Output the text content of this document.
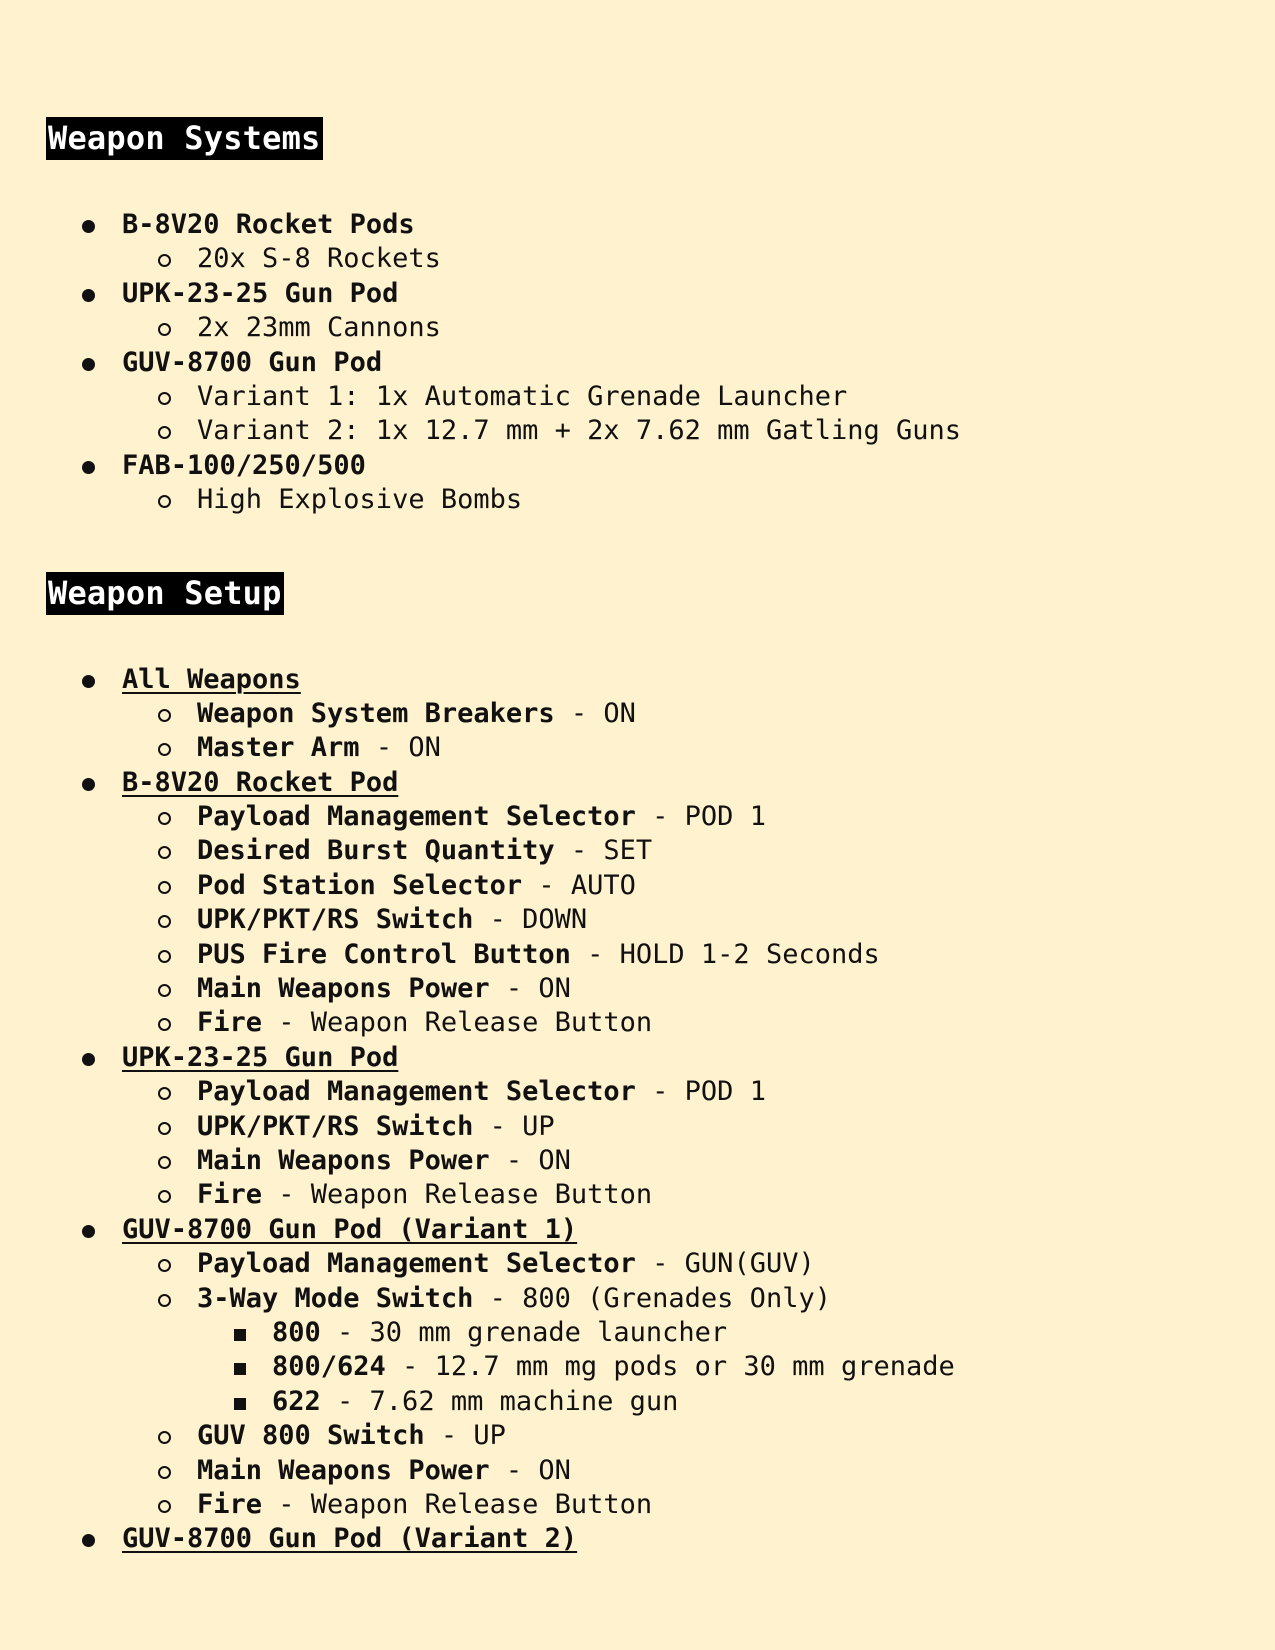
Weapon Systems
B-8V20 Rocket Pods
20x S-8 Rockets
UPK-23-25 Gun Pod
2x 23mm Cannons
GUV-8700 Gun Pod
Variant 1: 1x Automatic Grenade Launcher
Variant 2: 1x 12.7 mm + 2x 7.62 mm Gatling Guns
FAB-100/250/500
High Explosive Bombs
Weapon Setup
All Weapons
Weapon System Breakers - ON
Master Arm - ON
B-8V20 Rocket Pod
Payload Management Selector - POD 1
Desired Burst Quantity - SET
Pod Station Selector - AUTO
UPK/PKT/RS Switch - DOWN
PUS Fire Control Button - HOLD 1-2 Seconds
Main Weapons Power - ON
Fire - Weapon Release Button
UPK-23-25 Gun Pod
Payload Management Selector - POD 1
UPK/PKT/RS Switch - UP
Main Weapons Power - ON
Fire - Weapon Release Button
GUV-8700 Gun Pod (Variant 1)
Payload Management Selector - GUN(GUV)
3-Way Mode Switch - 800 (Grenades Only)
800 - 30 mm grenade launcher
800/624 - 12.7 mm mg pods or 30 mm grenade
622 - 7.62 mm machine gun
GUV 800 Switch - UP
Main Weapons Power - ON
Fire - Weapon Release Button
GUV-8700 Gun Pod (Variant 2)
